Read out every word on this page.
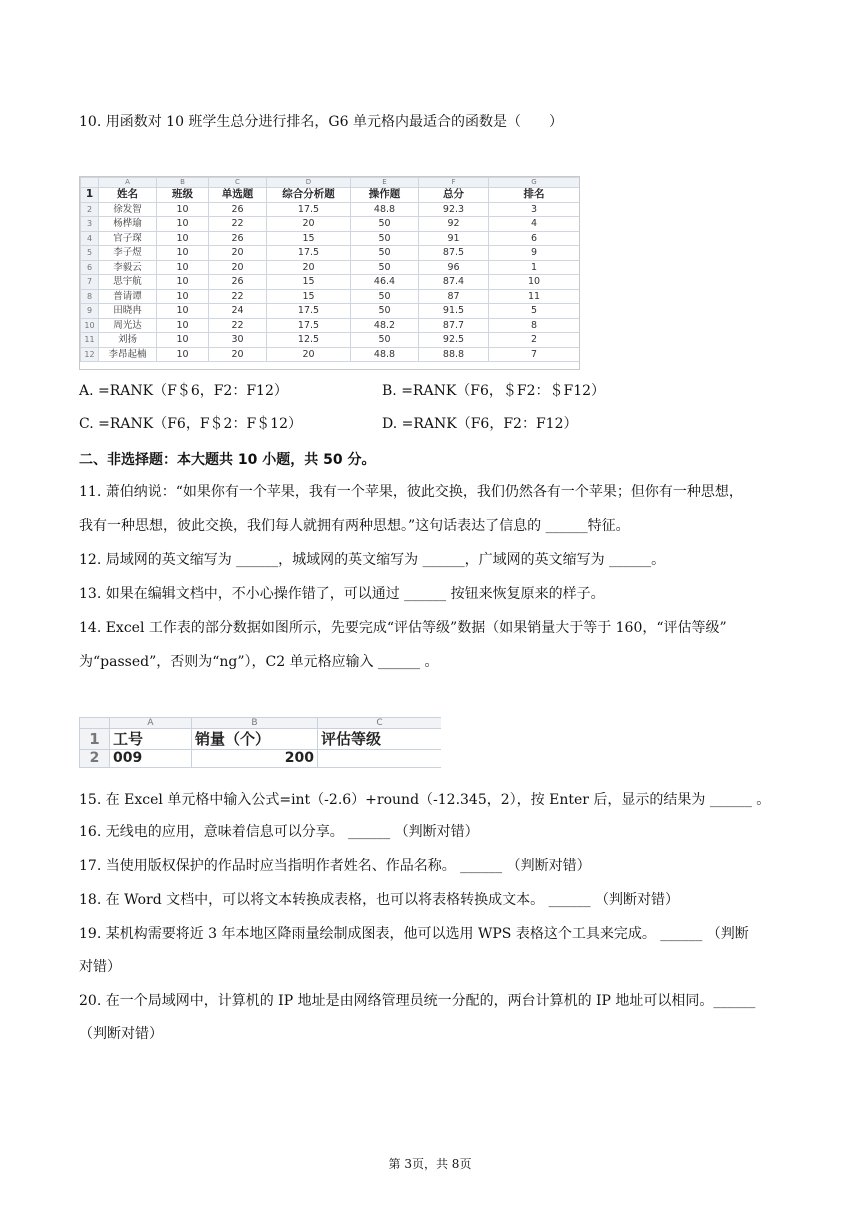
10. 用函数对 10 班学生总分进行排名，G6 单元格内最适合的函数是（　　）
	A	B	C	D	E	F	G
1	姓名	班级	单选题	综合分析题	操作题	总分	排名
2	徐发智	10	26	17.5	48.8	92.3	3
3	杨桦瑜	10	22	20	50	92	4
4	官子琛	10	26	15	50	91	6
5	李子煜	10	20	17.5	50	87.5	9
6	李毅云	10	20	20	50	96	1
7	思宇航	10	26	15	46.4	87.4	10
8	普请谭	10	22	15	50	87	11
9	田晓冉	10	24	17.5	50	91.5	5
10	周光达	10	22	17.5	48.2	87.7	8
11	刘扬	10	30	12.5	50	92.5	2
12	李昂起楠	10	20	20	48.8	88.8	7
A. =RANK（F＄6，F2：F12）	B. =RANK（F6，＄F2：＄F12）
C. =RANK（F6，F＄2：F＄12）	D. =RANK（F6，F2：F12）
二、非选择题：本大题共 10 小题，共 50 分。
11. 萧伯纳说：“如果你有一个苹果，我有一个苹果，彼此交换，我们仍然各有一个苹果；但你有一种思想，
我有一种思想，彼此交换，我们每人就拥有两种思想。”这句话表达了信息的 ______特征。
12. 局域网的英文缩写为 ______，城域网的英文缩写为 ______，广域网的英文缩写为 ______。
13. 如果在编辑文档中，不小心操作错了，可以通过 ______ 按钮来恢复原来的样子。
14. Excel 工作表的部分数据如图所示，先要完成“评估等级”数据（如果销量大于等于 160，“评估等级”
为“passed”，否则为“ng”），C2 单元格应输入 ______ 。
	A	B	C
1	工号	销量（个）	评估等级
2	009	200	
15. 在 Excel 单元格中输入公式=int（-2.6）+round（-12.345，2），按 Enter 后，显示的结果为 ______ 。
16. 无线电的应用，意味着信息可以分享。 ______ （判断对错）
17. 当使用版权保护的作品时应当指明作者姓名、作品名称。 ______ （判断对错）
18. 在 Word 文档中，可以将文本转换成表格，也可以将表格转换成文本。 ______ （判断对错）
19. 某机构需要将近 3 年本地区降雨量绘制成图表，他可以选用 WPS 表格这个工具来完成。 ______ （判断
对错）
20. 在一个局域网中，计算机的 IP 地址是由网络管理员统一分配的，两台计算机的 IP 地址可以相同。______
（判断对错）
第 3页，共 8页
